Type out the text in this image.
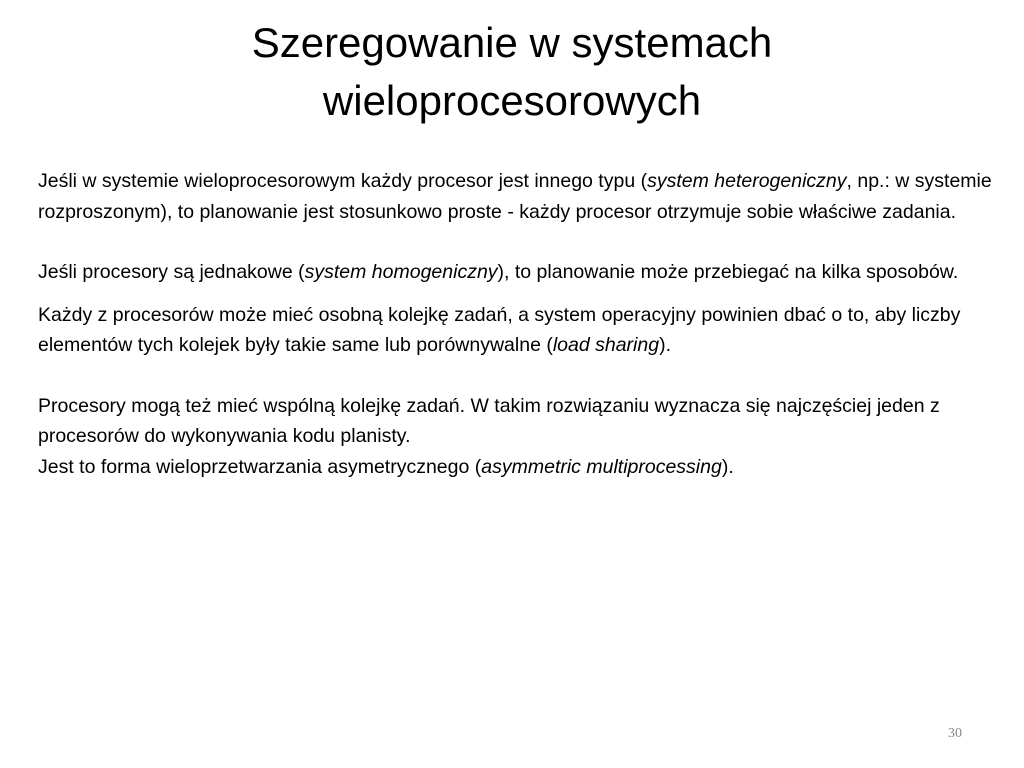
Szeregowanie w systemach
wieloprocesorowych

Jeśli w systemie wieloprocesorowym każdy procesor jest innego typu (system heterogeniczny, np.: w systemie rozproszonym), to planowanie jest stosunkowo proste - każdy procesor otrzymuje sobie właściwe zadania.

Jeśli procesory są jednakowe (system homogeniczny), to planowanie może przebiegać na kilka sposobów.

Każdy z procesorów może mieć osobną kolejkę zadań, a system operacyjny powinien dbać o to, aby liczby elementów tych kolejek były takie same lub porównywalne (load sharing).

Procesory mogą też mieć wspólną kolejkę zadań. W takim rozwiązaniu wyznacza się najczęściej jeden z procesorów do wykonywania kodu planisty.

Jest to forma wieloprzetwarzania asymetrycznego (asymmetric multiprocessing).

30
